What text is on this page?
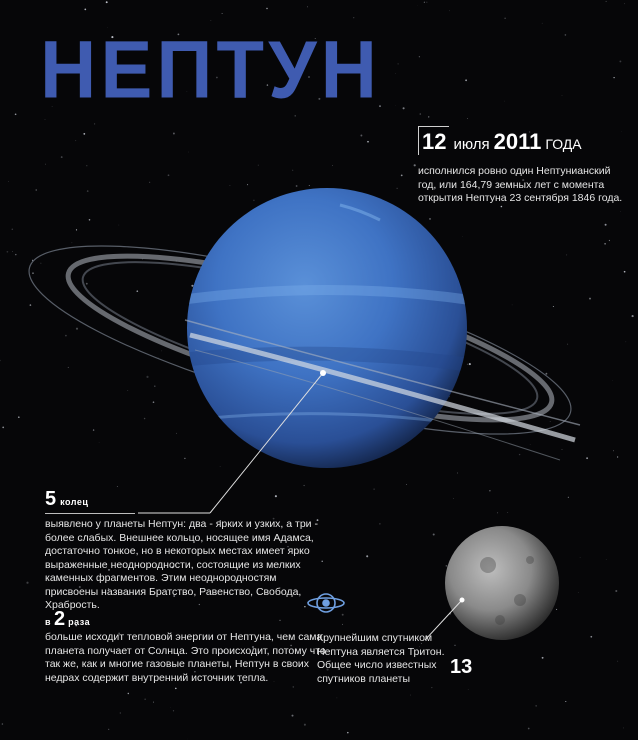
НЕПТУН
12 июля 2011 ГОДА
исполнился ровно один Нептунианский год, или 164,79 земных лет с момента открытия Нептуна 23 сентября 1846 года.
5 колец
выявлено у планеты Нептун: два - ярких и узких, а три - более слабых. Внешнее кольцо, носящее имя Адамса, достаточно тонкое, но в некоторых местах имеет ярко выраженные неоднородности, состоящие из мелких каменных фрагментов. Этим неоднородностям присвоены названия Братство, Равенство, Свобода, Храбрость.
в 2 раза
больше исходит тепловой энергии от Нептуна, чем сама планета получает от Солнца. Это происходит, потому что так же, как и многие газовые планеты, Нептун в своих недрах содержит внутренний источник тепла.
Крупнейшим спутником Нептуна является Тритон. Общее число известных спутников планеты
13
